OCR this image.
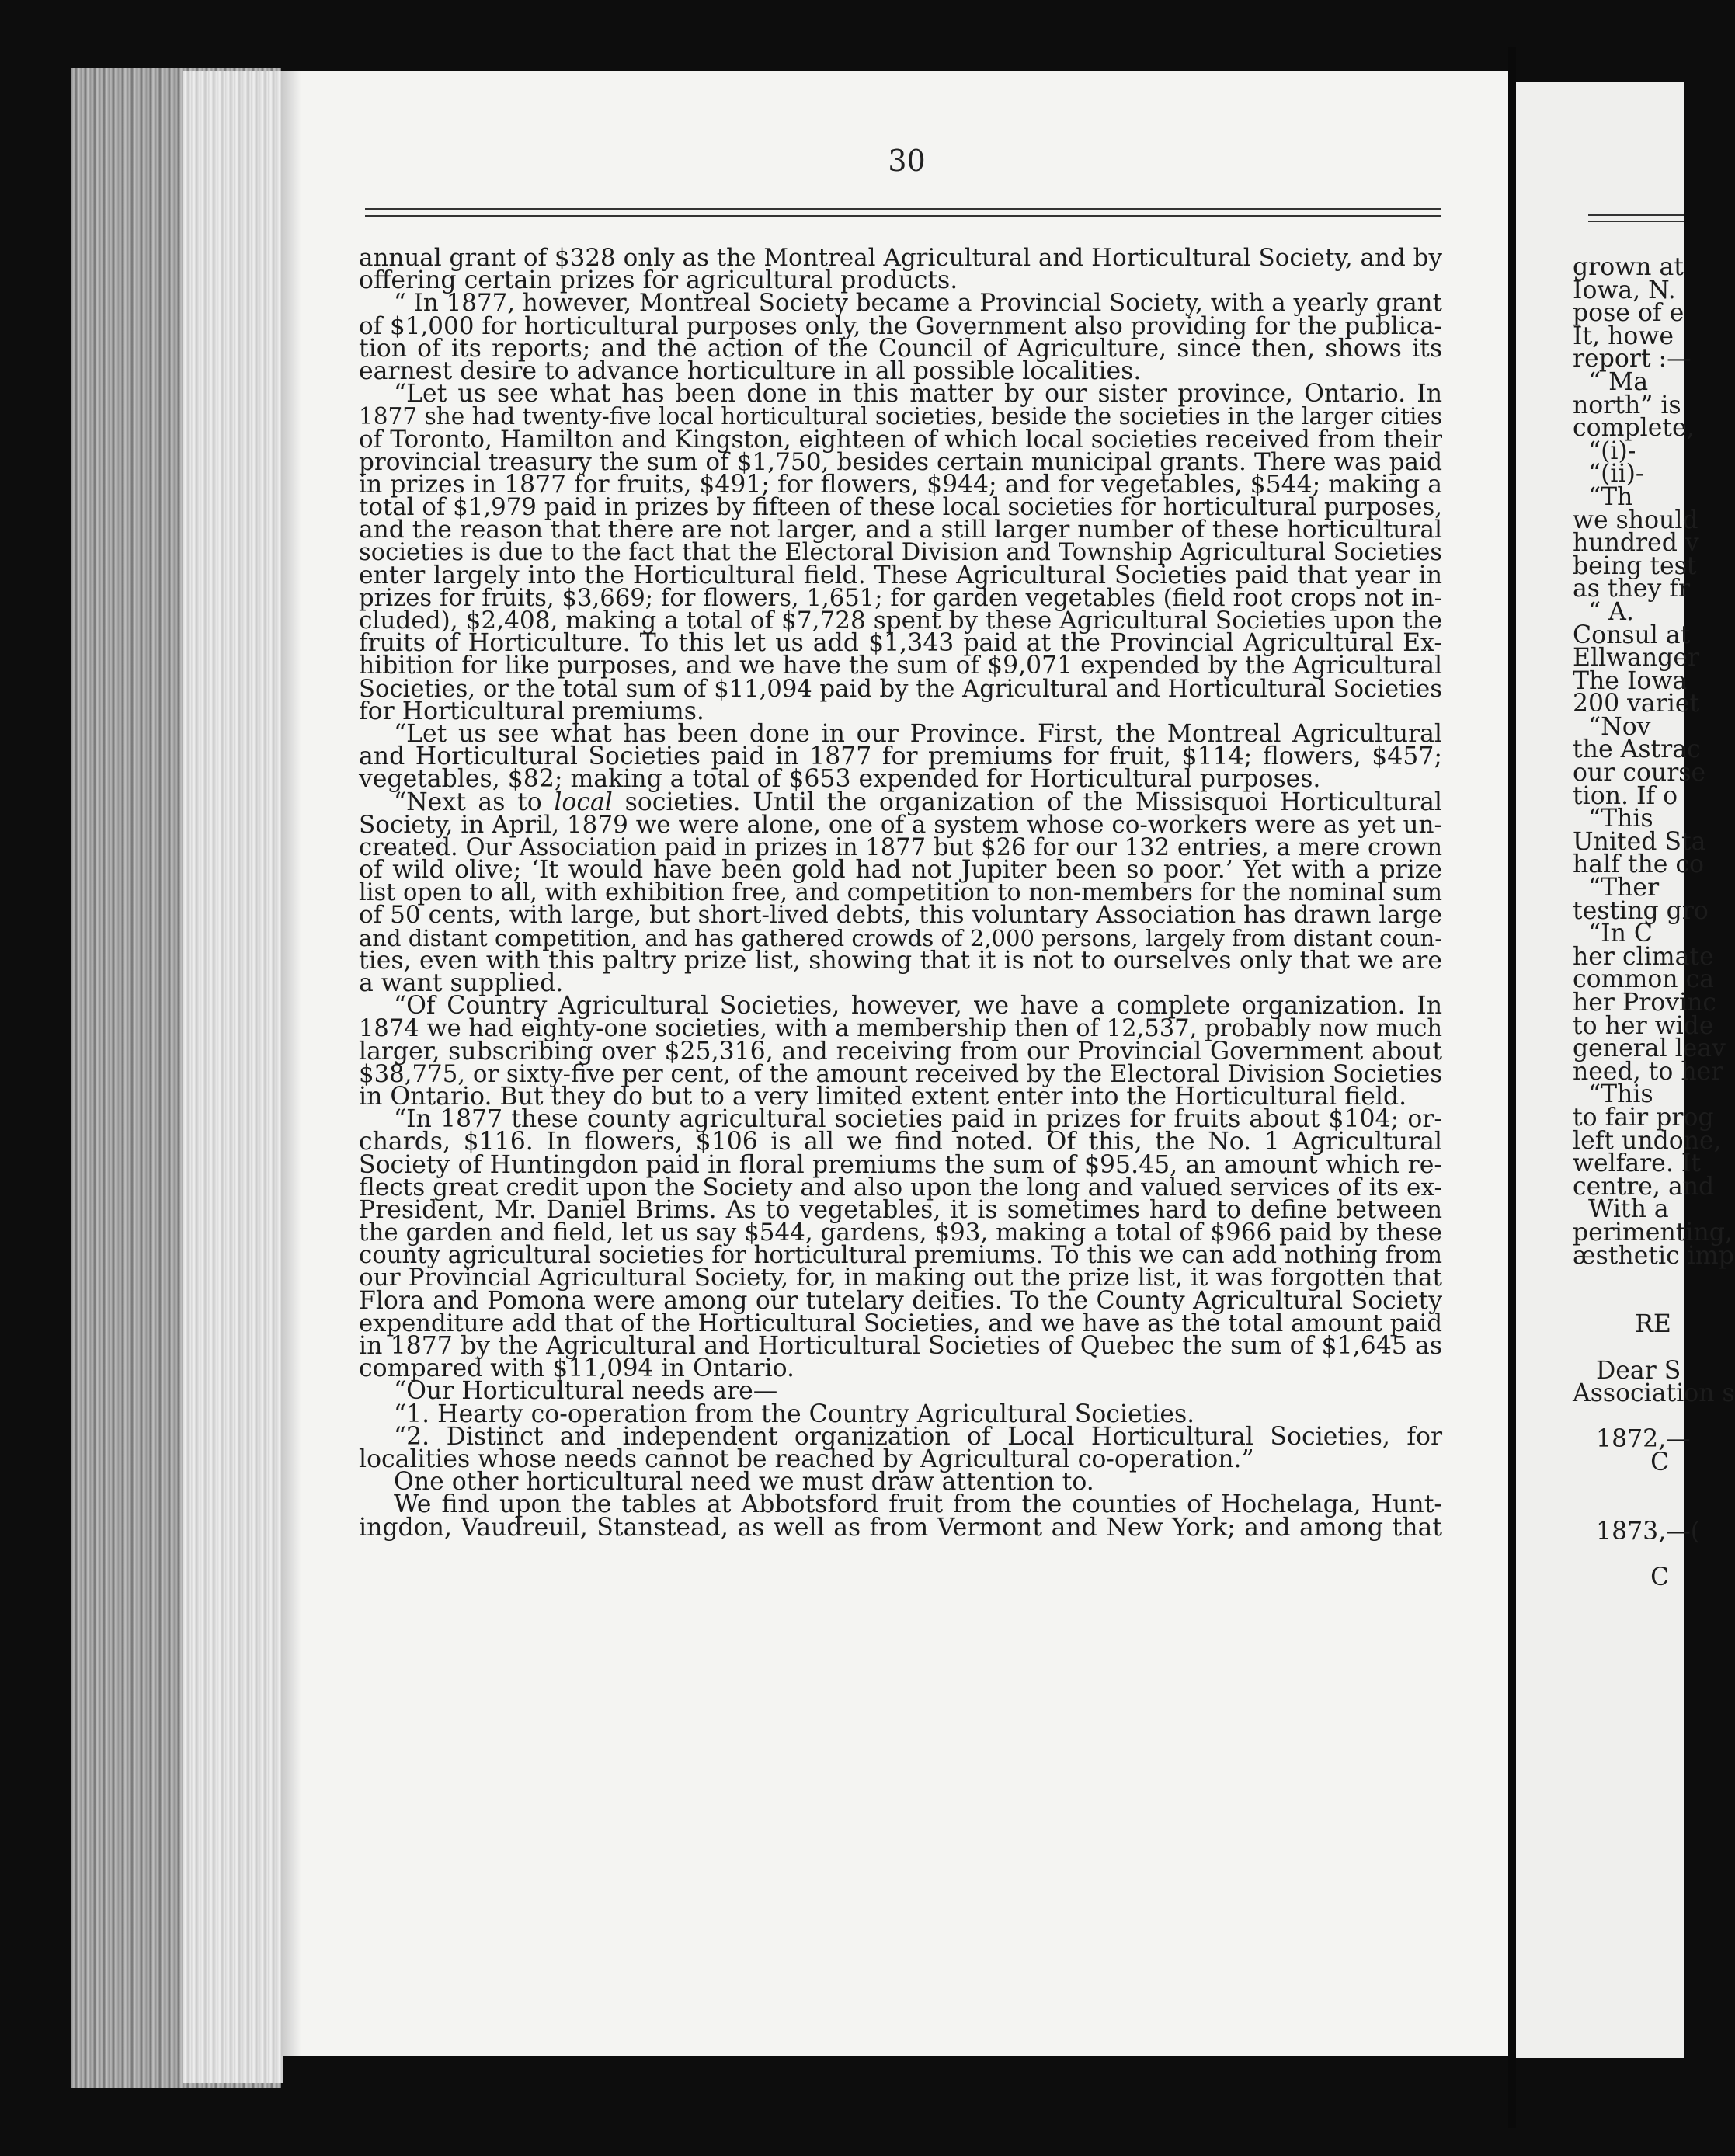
30
annual grant of $328 only as the Montreal Agricultural and Horticultural Society, and by
offering certain prizes for agricultural products.
“ In 1877, however, Montreal Society became a Provincial Society, with a yearly grant
of $1,000 for horticultural purposes only, the Government also providing for the publica-
tion of its reports; and the action of the Council of Agriculture, since then, shows its
earnest desire to advance horticulture in all possible localities.
“Let us see what has been done in this matter by our sister province, Ontario. In
1877 she had twenty-five local horticultural societies, beside the societies in the larger cities
of Toronto, Hamilton and Kingston, eighteen of which local societies received from their
provincial treasury the sum of $1,750, besides certain municipal grants. There was paid
in prizes in 1877 for fruits, $491; for flowers, $944; and for vegetables, $544; making a
total of $1,979 paid in prizes by fifteen of these local societies for horticultural purposes,
and the reason that there are not larger, and a still larger number of these horticultural
societies is due to the fact that the Electoral Division and Township Agricultural Societies
enter largely into the Horticultural field. These Agricultural Societies paid that year in
prizes for fruits, $3,669; for flowers, 1,651; for garden vegetables (field root crops not in-
cluded), $2,408, making a total of $7,728 spent by these Agricultural Societies upon the
fruits of Horticulture. To this let us add $1,343 paid at the Provincial Agricultural Ex-
hibition for like purposes, and we have the sum of $9,071 expended by the Agricultural
Societies, or the total sum of $11,094 paid by the Agricultural and Horticultural Societies
for Horticultural premiums.
“Let us see what has been done in our Province. First, the Montreal Agricultural
and Horticultural Societies paid in 1877 for premiums for fruit, $114; flowers, $457;
vegetables, $82; making a total of $653 expended for Horticultural purposes.
“Next as to local societies. Until the organization of the Missisquoi Horticultural
Society, in April, 1879 we were alone, one of a system whose co-workers were as yet un-
created. Our Association paid in prizes in 1877 but $26 for our 132 entries, a mere crown
of wild olive; ‘It would have been gold had not Jupiter been so poor.’ Yet with a prize
list open to all, with exhibition free, and competition to non-members for the nominal sum
of 50 cents, with large, but short-lived debts, this voluntary Association has drawn large
and distant competition, and has gathered crowds of 2,000 persons, largely from distant coun-
ties, even with this paltry prize list, showing that it is not to ourselves only that we are
a want supplied.
“Of Country Agricultural Societies, however, we have a complete organization. In
1874 we had eighty-one societies, with a membership then of 12,537, probably now much
larger, subscribing over $25,316, and receiving from our Provincial Government about
$38,775, or sixty-five per cent, of the amount received by the Electoral Division Societies
in Ontario. But they do but to a very limited extent enter into the Horticultural field.
“In 1877 these county agricultural societies paid in prizes for fruits about $104; or-
chards, $116. In flowers, $106 is all we find noted. Of this, the No. 1 Agricultural
Society of Huntingdon paid in floral premiums the sum of $95.45, an amount which re-
flects great credit upon the Society and also upon the long and valued services of its ex-
President, Mr. Daniel Brims. As to vegetables, it is sometimes hard to define between
the garden and field, let us say $544, gardens, $93, making a total of $966 paid by these
county agricultural societies for horticultural premiums. To this we can add nothing from
our Provincial Agricultural Society, for, in making out the prize list, it was forgotten that
Flora and Pomona were among our tutelary deities. To the County Agricultural Society
expenditure add that of the Horticultural Societies, and we have as the total amount paid
in 1877 by the Agricultural and Horticultural Societies of Quebec the sum of $1,645 as
compared with $11,094 in Ontario.
“Our Horticultural needs are—
“1. Hearty co-operation from the Country Agricultural Societies.
“2. Distinct and independent organization of Local Horticultural Societies, for
localities whose needs cannot be reached by Agricultural co-operation.”
One other horticultural need we must draw attention to.
We find upon the tables at Abbotsford fruit from the counties of Hochelaga, Hunt-
ingdon, Vaudreuil, Stanstead, as well as from Vermont and New York; and among that
grown at
Iowa, N.
pose of e
It, howe
report :—
“ Ma
north” is
complete,
“(i)-
“(ii)-
“Th
we should
hundred v
being test
as they fr
“ A.
Consul at
Ellwanger
The Iowa
200 variet
“Nov
the Astrac
our course
tion. If o
“This
United Sta
half the co
“Ther
testing gro
“In C
her climate
common ca
her Provinc
to her wide
general leav
need, to her
“This
to fair prog
left undone,
welfare. It
centre, and
With a
perimenting,
æsthetic imp
RE
Dear S
Association s
1872,—
C
1873,—(
C
